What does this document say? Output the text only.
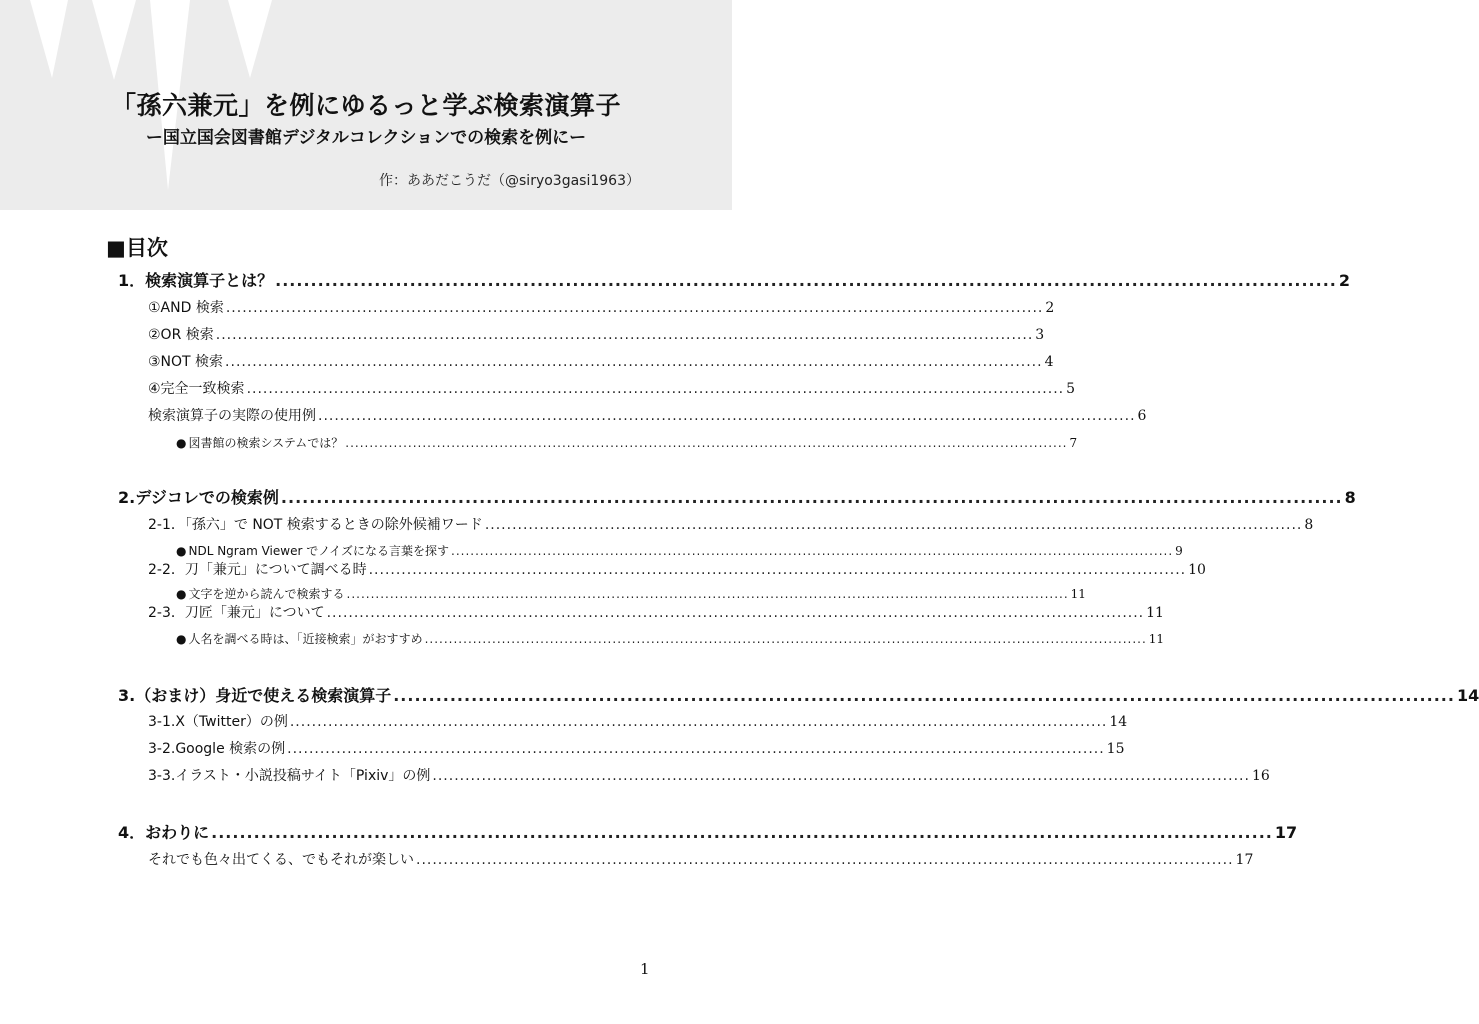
「孫六兼元」を例にゆるっと学ぶ検索演算子
ー国立国会図書館デジタルコレクションでの検索を例にー
作：ああだこうだ（@siryo3gasi1963）
■目次
1．検索演算子とは？ ...................................................................................................................................................... 2
①AND 検索 ...................................................................................................................................................... 2
②OR 検索 ...................................................................................................................................................... 3
③NOT 検索 ...................................................................................................................................................... 4
④完全一致検索 ...................................................................................................................................................... 5
検索演算子の実際の使用例 ...................................................................................................................................................... 6
● 図書館の検索システムでは？ ...................................................................................................................................................... 7
2.デジコレでの検索例 ...................................................................................................................................................... 8
2-1．「孫六」で NOT 検索するときの除外候補ワード ...................................................................................................................................................... 8
● NDL Ngram Viewer でノイズになる言葉を探す ...................................................................................................................................................... 9
2-2．刀「兼元」について調べる時 ...................................................................................................................................................... 10
● 文字を逆から読んで検索する ...................................................................................................................................................... 11
2-3．刀匠「兼元」について ...................................................................................................................................................... 11
● 人名を調べる時は、「近接検索」がおすすめ ...................................................................................................................................................... 11
3.（おまけ）身近で使える検索演算子 ...................................................................................................................................................... 14
3-1.X（Twitter）の例 ...................................................................................................................................................... 14
3-2.Google 検索の例 ...................................................................................................................................................... 15
3-3.イラスト・小説投稿サイト「Pixiv」の例 ...................................................................................................................................................... 16
4．おわりに ...................................................................................................................................................... 17
それでも色々出てくる、でもそれが楽しい ...................................................................................................................................................... 17
1
